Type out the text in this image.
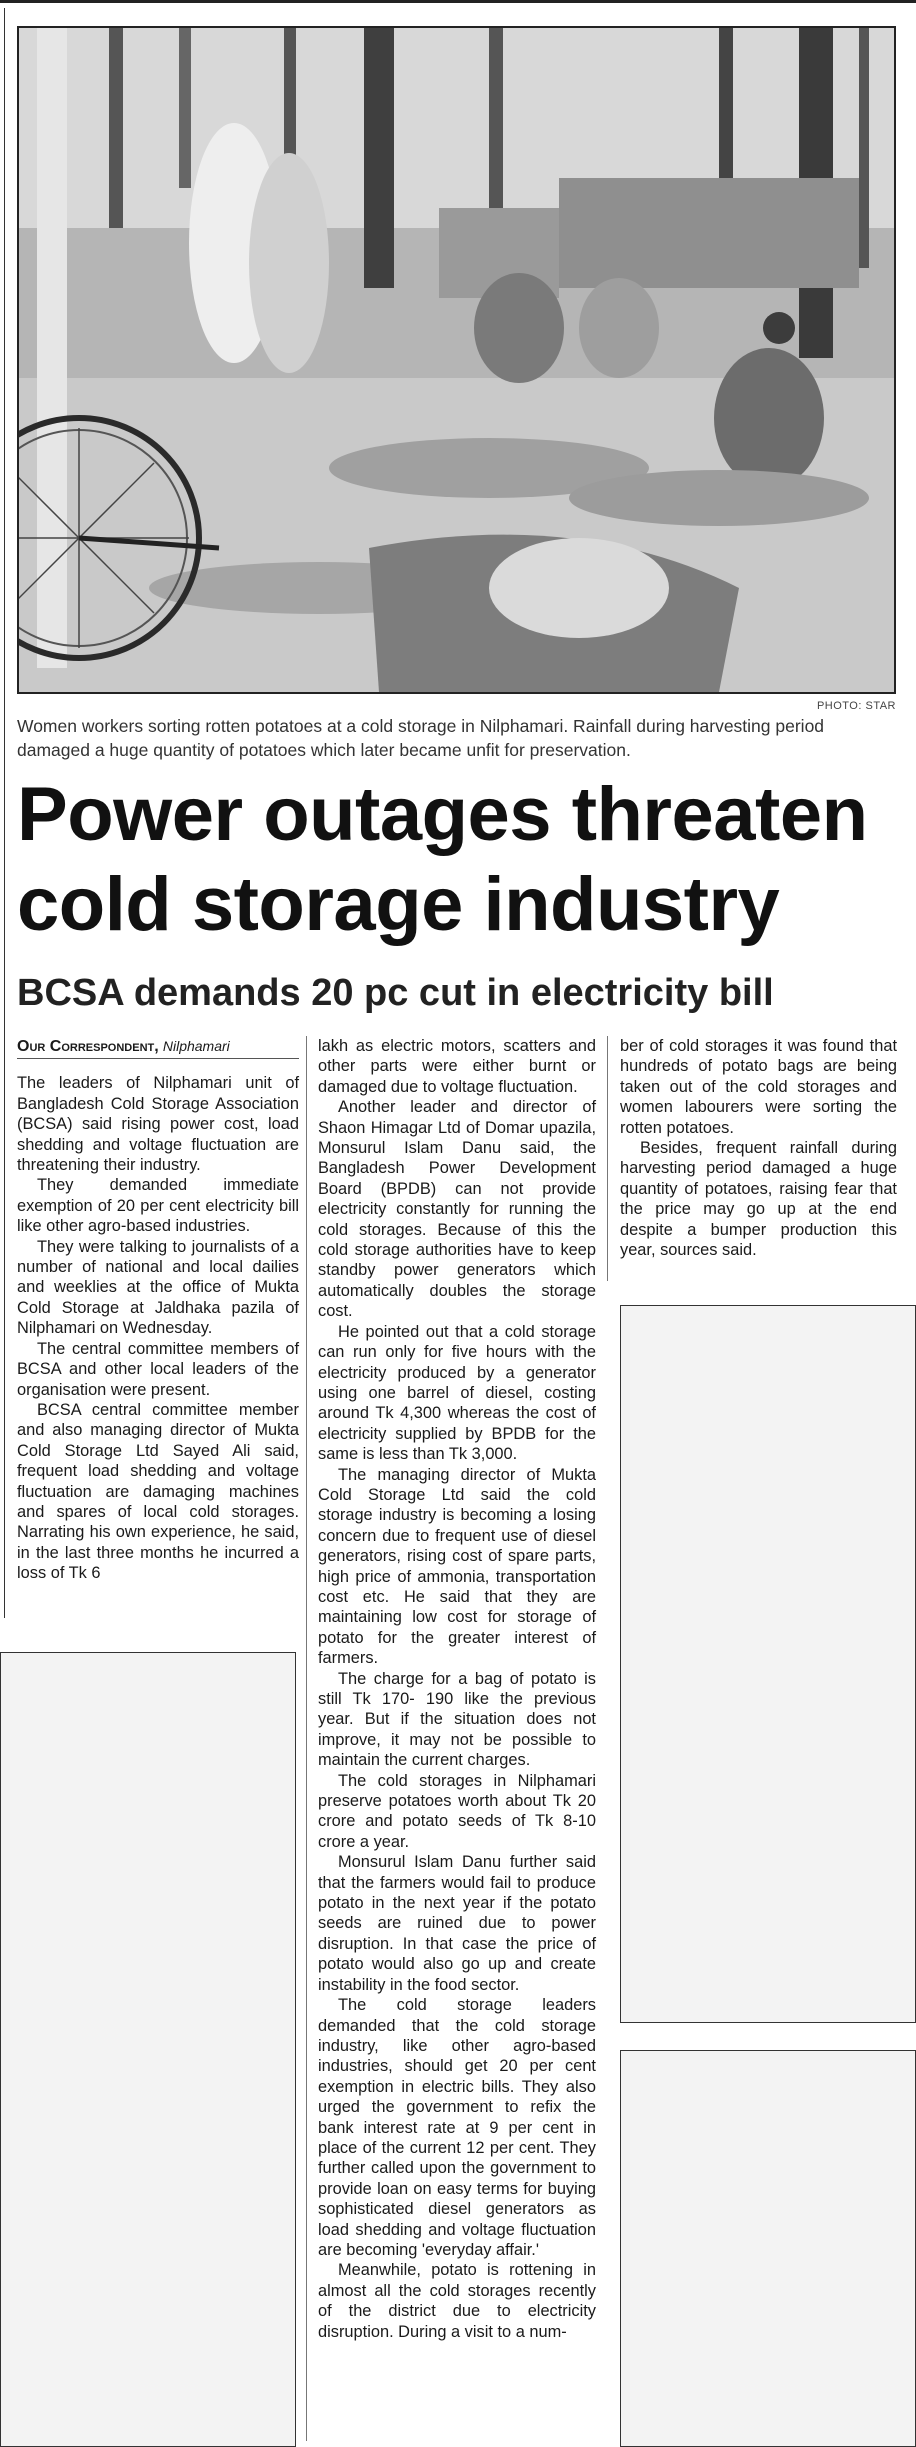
PHOTO: STAR
Women workers sorting rotten potatoes at a cold storage in Nilphamari. Rainfall during harvesting period damaged a huge quantity of potatoes which later became unfit for preservation.
Power outages threaten
cold storage industry
BCSA demands 20 pc cut in electricity bill
Our Correspondent, Nilphamari

The leaders of Nilphamari unit of Bangladesh Cold Storage Association (BCSA) said rising power cost, load shedding and voltage fluctuation are threatening their industry.

They demanded immediate exemption of 20 per cent electricity bill like other agro-based industries.

They were talking to journalists of a number of national and local dailies and weeklies at the office of Mukta Cold Storage at Jaldhaka pazila of Nilphamari on Wednesday.

The central committee members of BCSA and other local leaders of the organisation were present.

BCSA central committee member and also managing director of Mukta Cold Storage Ltd Sayed Ali said, frequent load shedding and voltage fluctuation are damaging machines and spares of local cold storages. Narrating his own experience, he said, in the last three months he incurred a loss of Tk 6

lakh as electric motors, scatters and other parts were either burnt or damaged due to voltage fluctuation.

Another leader and director of Shaon Himagar Ltd of Domar upazila, Monsurul Islam Danu said, the Bangladesh Power Development Board (BPDB) can not provide electricity constantly for running the cold storages. Because of this the cold storage authorities have to keep standby power generators which automatically doubles the storage cost.

He pointed out that a cold storage can run only for five hours with the electricity produced by a generator using one barrel of diesel, costing around Tk 4,300 whereas the cost of electricity supplied by BPDB for the same is less than Tk 3,000.

The managing director of Mukta Cold Storage Ltd said the cold storage industry is becoming a losing concern due to frequent use of diesel generators, rising cost of spare parts, high price of ammonia, transportation cost etc. He said that they are maintaining low cost for storage of potato for the greater interest of farmers.

The charge for a bag of potato is still Tk 170- 190 like the previous year. But if the situation does not improve, it may not be possible to maintain the current charges.

The cold storages in Nilphamari preserve potatoes worth about Tk 20 crore and potato seeds of Tk 8-10 crore a year.

Monsurul Islam Danu further said that the farmers would fail to produce potato in the next year if the potato seeds are ruined due to power disruption. In that case the price of potato would also go up and create instability in the food sector.

The cold storage leaders demanded that the cold storage industry, like other agro-based industries, should get 20 per cent exemption in electric bills. They also urged the government to refix the bank interest rate at 9 per cent in place of the current 12 per cent. They further called upon the government to provide loan on easy terms for buying sophisticated diesel generators as load shedding and voltage fluctuation are becoming 'everyday affair.'

Meanwhile, potato is rottening in almost all the cold storages recently of the district due to electricity disruption. During a visit to a num-

ber of cold storages it was found that hundreds of potato bags are being taken out of the cold storages and women labourers were sorting the rotten potatoes.

Besides, frequent rainfall during harvesting period damaged a huge quantity of potatoes, raising fear that the price may go up at the end despite a bumper production this year, sources said.
